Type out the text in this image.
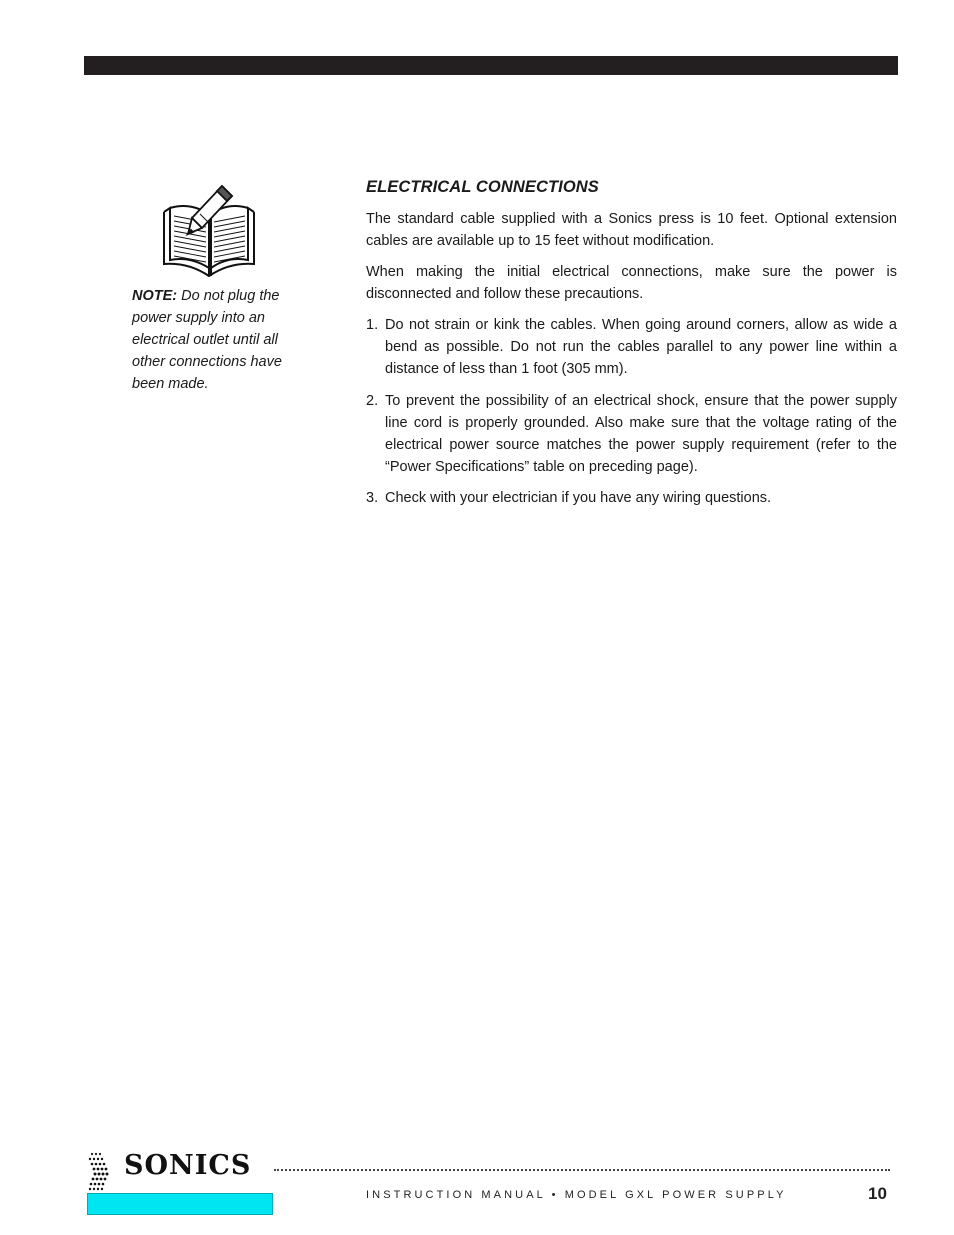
NOTE: Do not plug the power supply into an electrical outlet until all other connections have been made.
ELECTRICAL CONNECTIONS

The standard cable supplied with a Sonics press is 10 feet. Optional extension cables are available up to 15 feet without modification.

When making the initial electrical connections, make sure the power is disconnected and follow these precautions.

1. Do not strain or kink the cables. When going around corners, allow as wide a bend as possible. Do not run the cables parallel to any power line within a distance of less than 1 foot (305 mm).
2. To prevent the possibility of an electrical shock, ensure that the power supply line cord is properly grounded. Also make sure that the voltage rating of the electrical power source matches the power supply requirement (refer to the “Power Specifications” table on preceding page).
3. Check with your electrician if you have any wiring questions.
SONICS
INSTRUCTION MANUAL • MODEL GXL POWER SUPPLY	10
